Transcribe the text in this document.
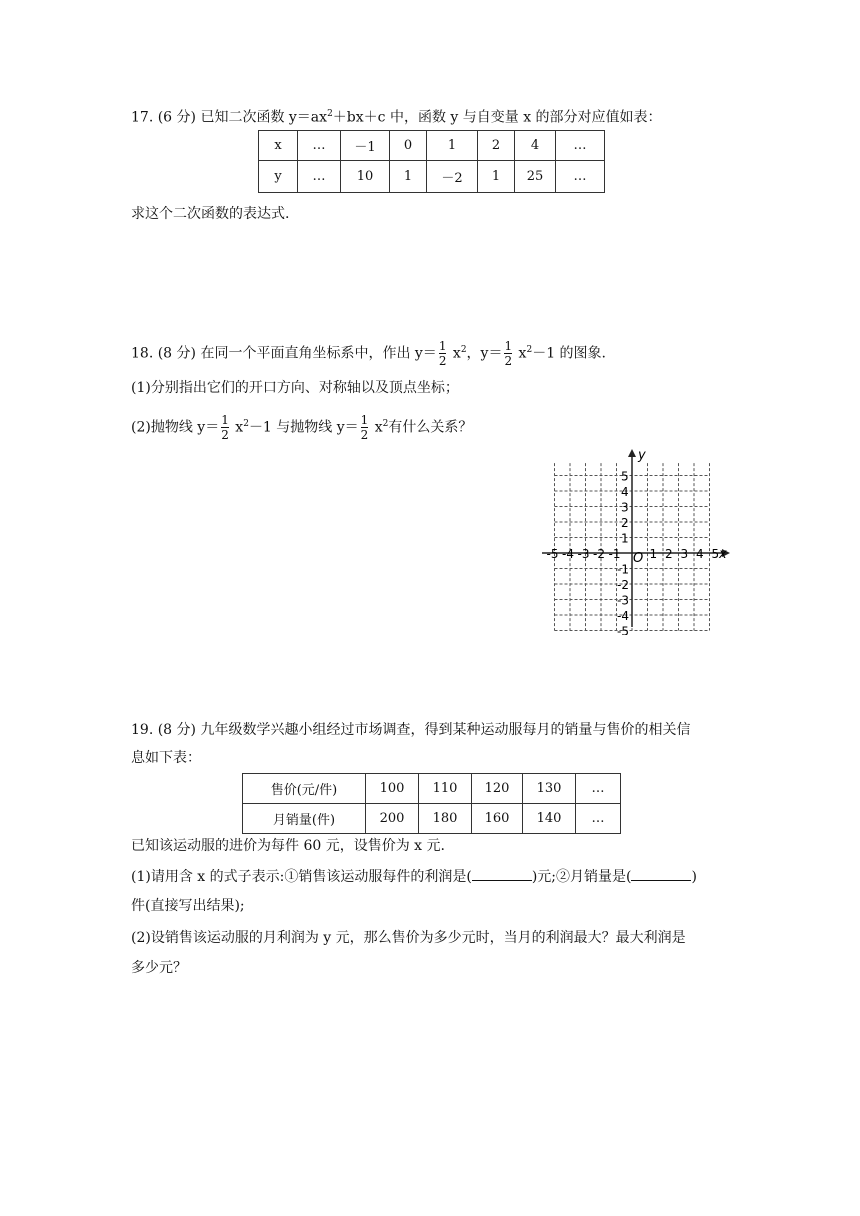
17. (6 分) 已知二次函数 $y=ax^2+bx+c$ 中，函数 y 与自变量 x 的部分对应值如表：
x	…	－1	0	1	2	4	…
y	…	10	1	－2	1	25	…
求这个二次函数的表达式.
18. (8 分) 在同一个平面直角坐标系中，作出 $y= \frac{1}{2} x^2$，$y= \frac{1}{2} x^2-1$ 的图象.
(1)分别指出它们的开口方向、对称轴以及顶点坐标；
(2)抛物线 $y= \frac{1}{2} x^2-1$ 与抛物线 $y= \frac{1}{2} x^2$有什么关系？
x
y
O
-5 -4 -3 -2 -1 1 2 3 4 5
1
2
3
4
5
-1
-2
-3
-4
-5
19. (8 分) 九年级数学兴趣小组经过市场调查，得到某种运动服每月的销量与售价的相关信
息如下表：
售价(元/件)	100	110	120	130	…
月销量(件)	200	180	160	140	…
已知该运动服的进价为每件 60 元，设售价为 x 元.
(1)请用含 x 的式子表示:①销售该运动服每件的利润是(	)元;②月销量是(	)
件(直接写出结果);
(2)设销售该运动服的月利润为 y 元，那么售价为多少元时，当月的利润最大？最大利润是
多少元？
